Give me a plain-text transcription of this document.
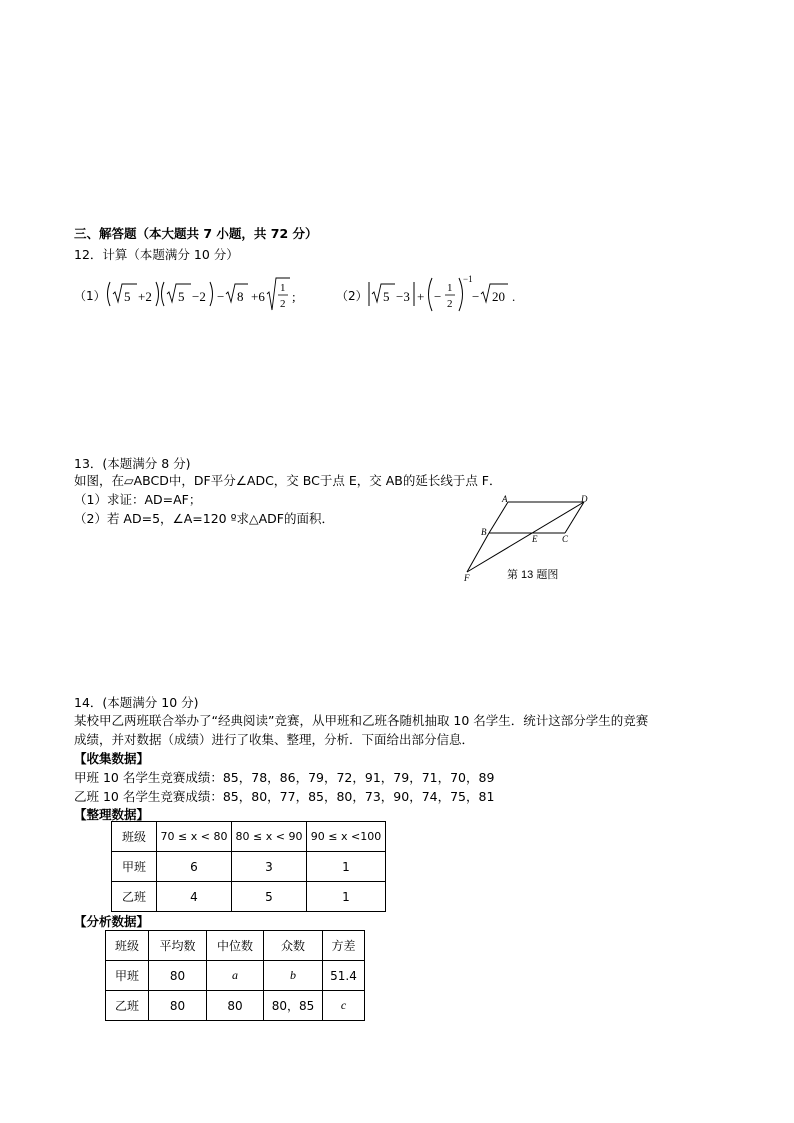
三、解答题（本大题共 7 小题，共 72 分）
12．计算（本题满分 10 分）
（1） 5 +2 5 −2 − 8 +6
1
2 ;	（2） 5 −3 + −
1
2
−1
− 20 .
13．(本题满分 8 分)
如图，在▱ABCD中，DF平分∠ADC，交 BC于点 E，交 AB的延长线于点 F．
（1）求证：AD=AF；
（2）若 AD=5，∠A=120 º求△ADF的面积．
A	D
B
E	C
F	第 13 题图
14．(本题满分 10 分)
某校甲乙两班联合举办了“经典阅读”竞赛，从甲班和乙班各随机抽取 10 名学生．统计这部分学生的竞赛
成绩，并对数据（成绩）进行了收集、整理，分析．下面给出部分信息．
【收集数据】
甲班 10 名学生竞赛成绩：85，78，86，79，72，91，79，71，70，89
乙班 10 名学生竞赛成绩：85，80，77，85，80，73，90，74，75，81
【整理数据】
班级	70 ≤ x < 80	80 ≤ x < 90	90 ≤ x <100
甲班	6	3	1
乙班	4	5	1
【分析数据】
班级	平均数	中位数	众数	方差
甲班	80	a	b	51.4
乙班	80	80	80，85	c
